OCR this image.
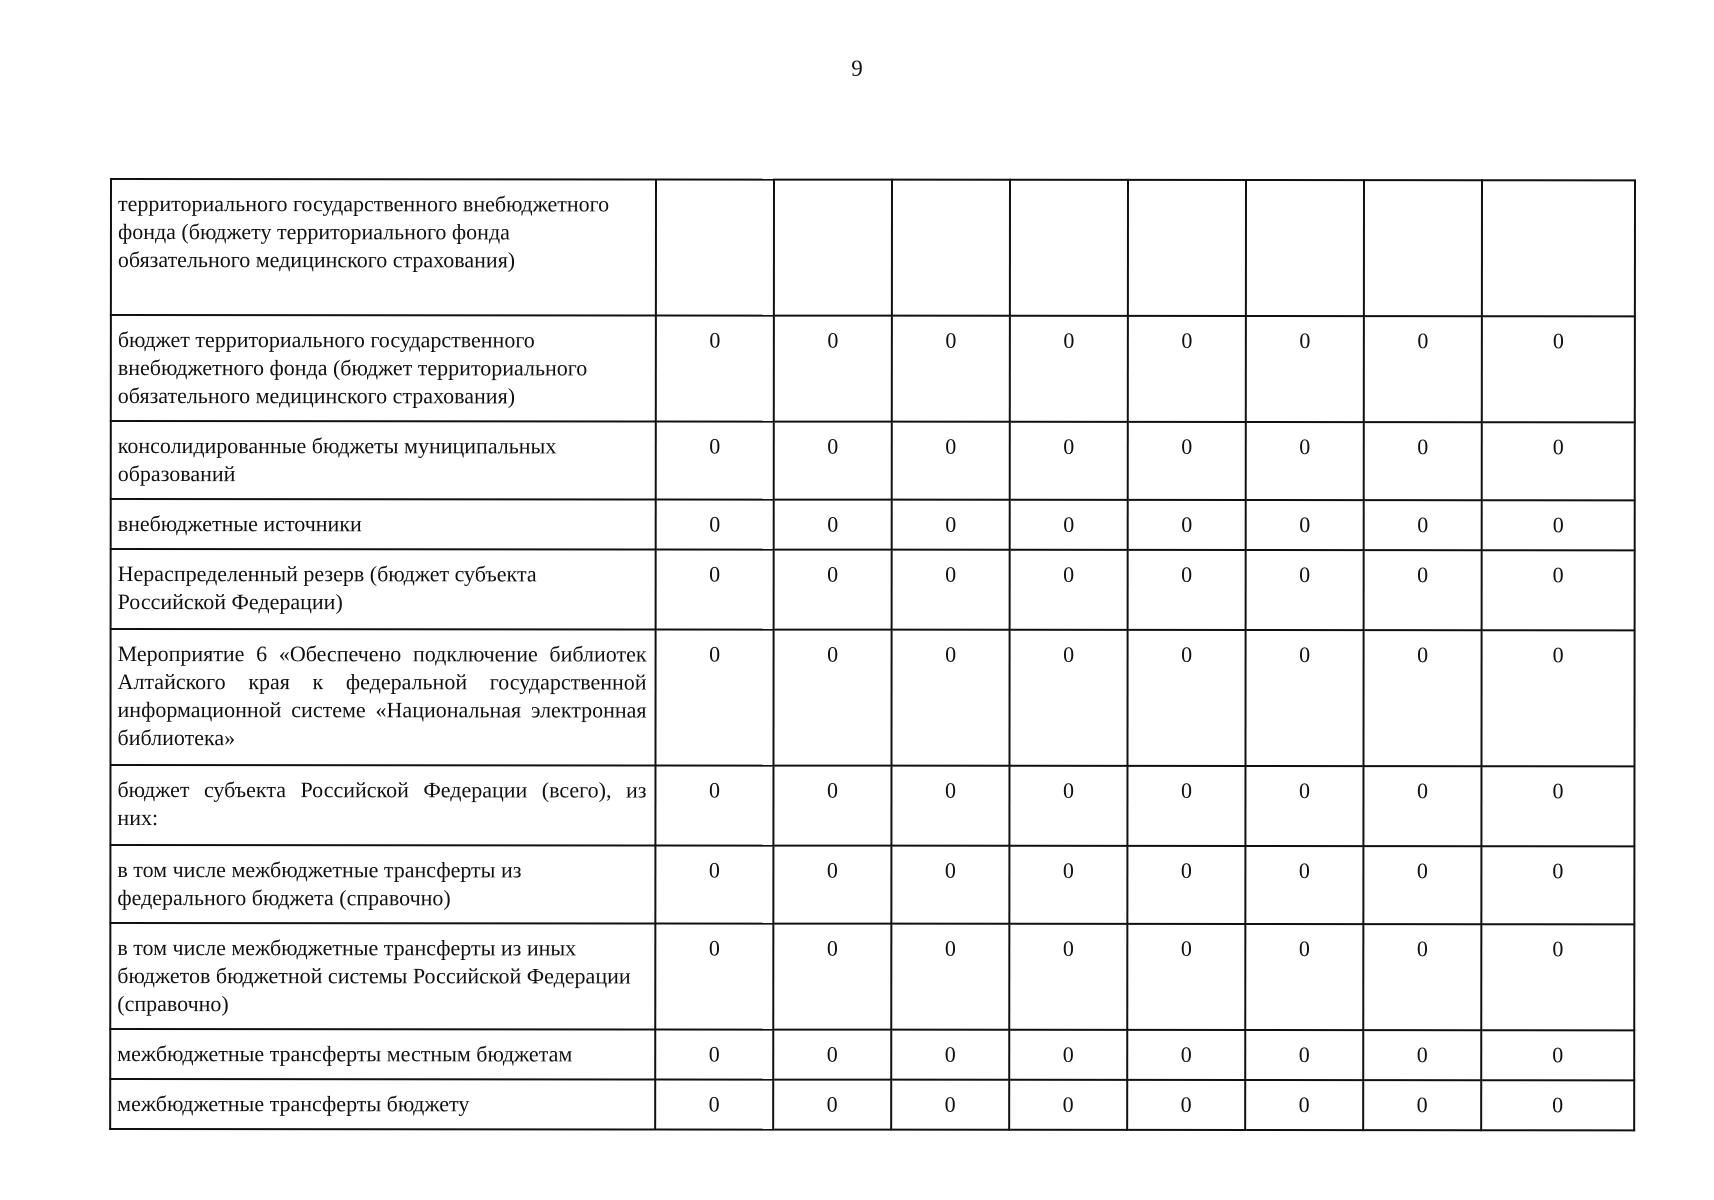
9
территориального государственного внебюджетного фонда (бюджету территориального фонда обязательного медицинского страхования)								
бюджет территориального государственного внебюджетного фонда (бюджет территориального обязательного медицинского страхования)	0	0	0	0	0	0	0	0
консолидированные бюджеты муниципальных образований	0	0	0	0	0	0	0	0
внебюджетные источники	0	0	0	0	0	0	0	0
Нераспределенный резерв (бюджет субъекта Российской Федерации)	0	0	0	0	0	0	0	0
Мероприятие 6 «Обеспечено подключение библиотек Алтайского края к федеральной государственной информационной системе «Национальная электронная библиотека»	0	0	0	0	0	0	0	0
бюджет субъекта Российской Федерации (всего), из них:	0	0	0	0	0	0	0	0
в том числе межбюджетные трансферты из федерального бюджета (справочно)	0	0	0	0	0	0	0	0
в том числе межбюджетные трансферты из иных бюджетов бюджетной системы Российской Федерации (справочно)	0	0	0	0	0	0	0	0
межбюджетные трансферты местным бюджетам	0	0	0	0	0	0	0	0
межбюджетные трансферты бюджету	0	0	0	0	0	0	0	0
